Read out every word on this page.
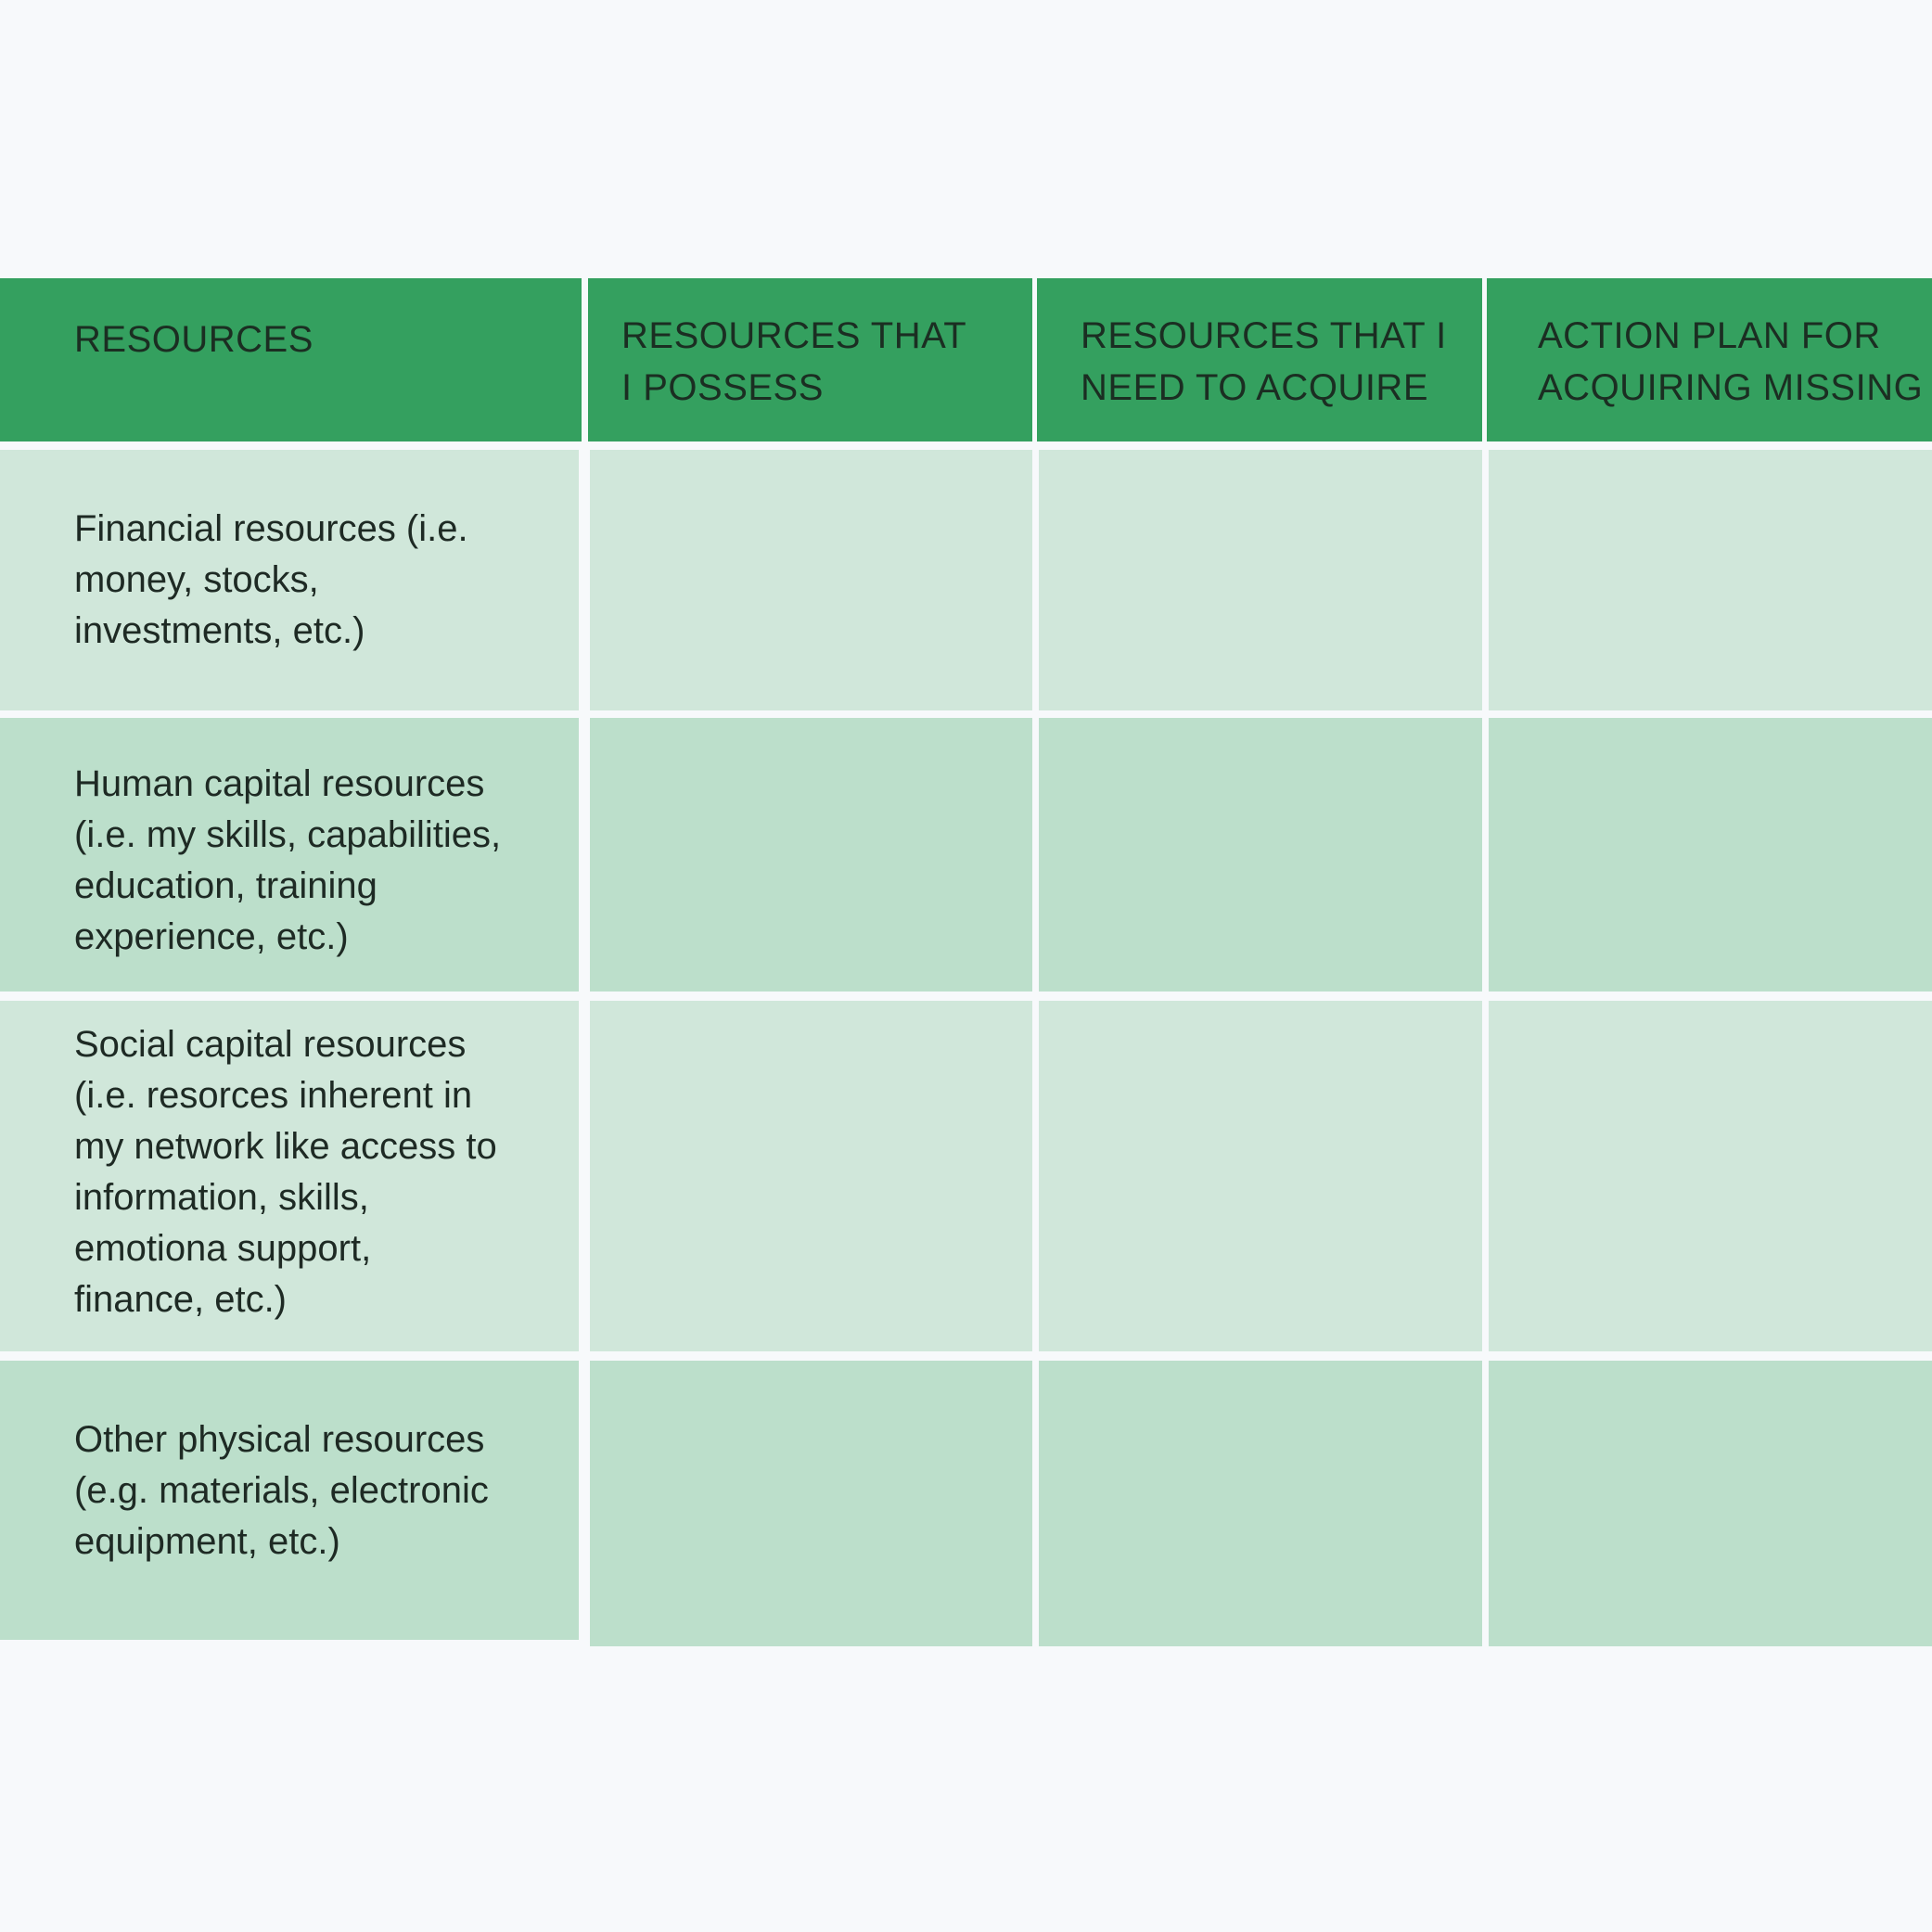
RESOURCES	RESOURCES THAT
I POSSESS
RESOURCES THAT I
NEED TO ACQUIRE
ACTION PLAN FOR
ACQUIRING MISSING
Financial resources (i.e.
money, stocks,
investments, etc.)
Human capital resources
(i.e. my skills, capabilities,
education, training
experience, etc.)
Social capital resources
(i.e. resorces inherent in
my network like access to
information, skills,
emotiona support,
finance, etc.)
Other physical resources
(e.g. materials, electronic
equipment, etc.)
